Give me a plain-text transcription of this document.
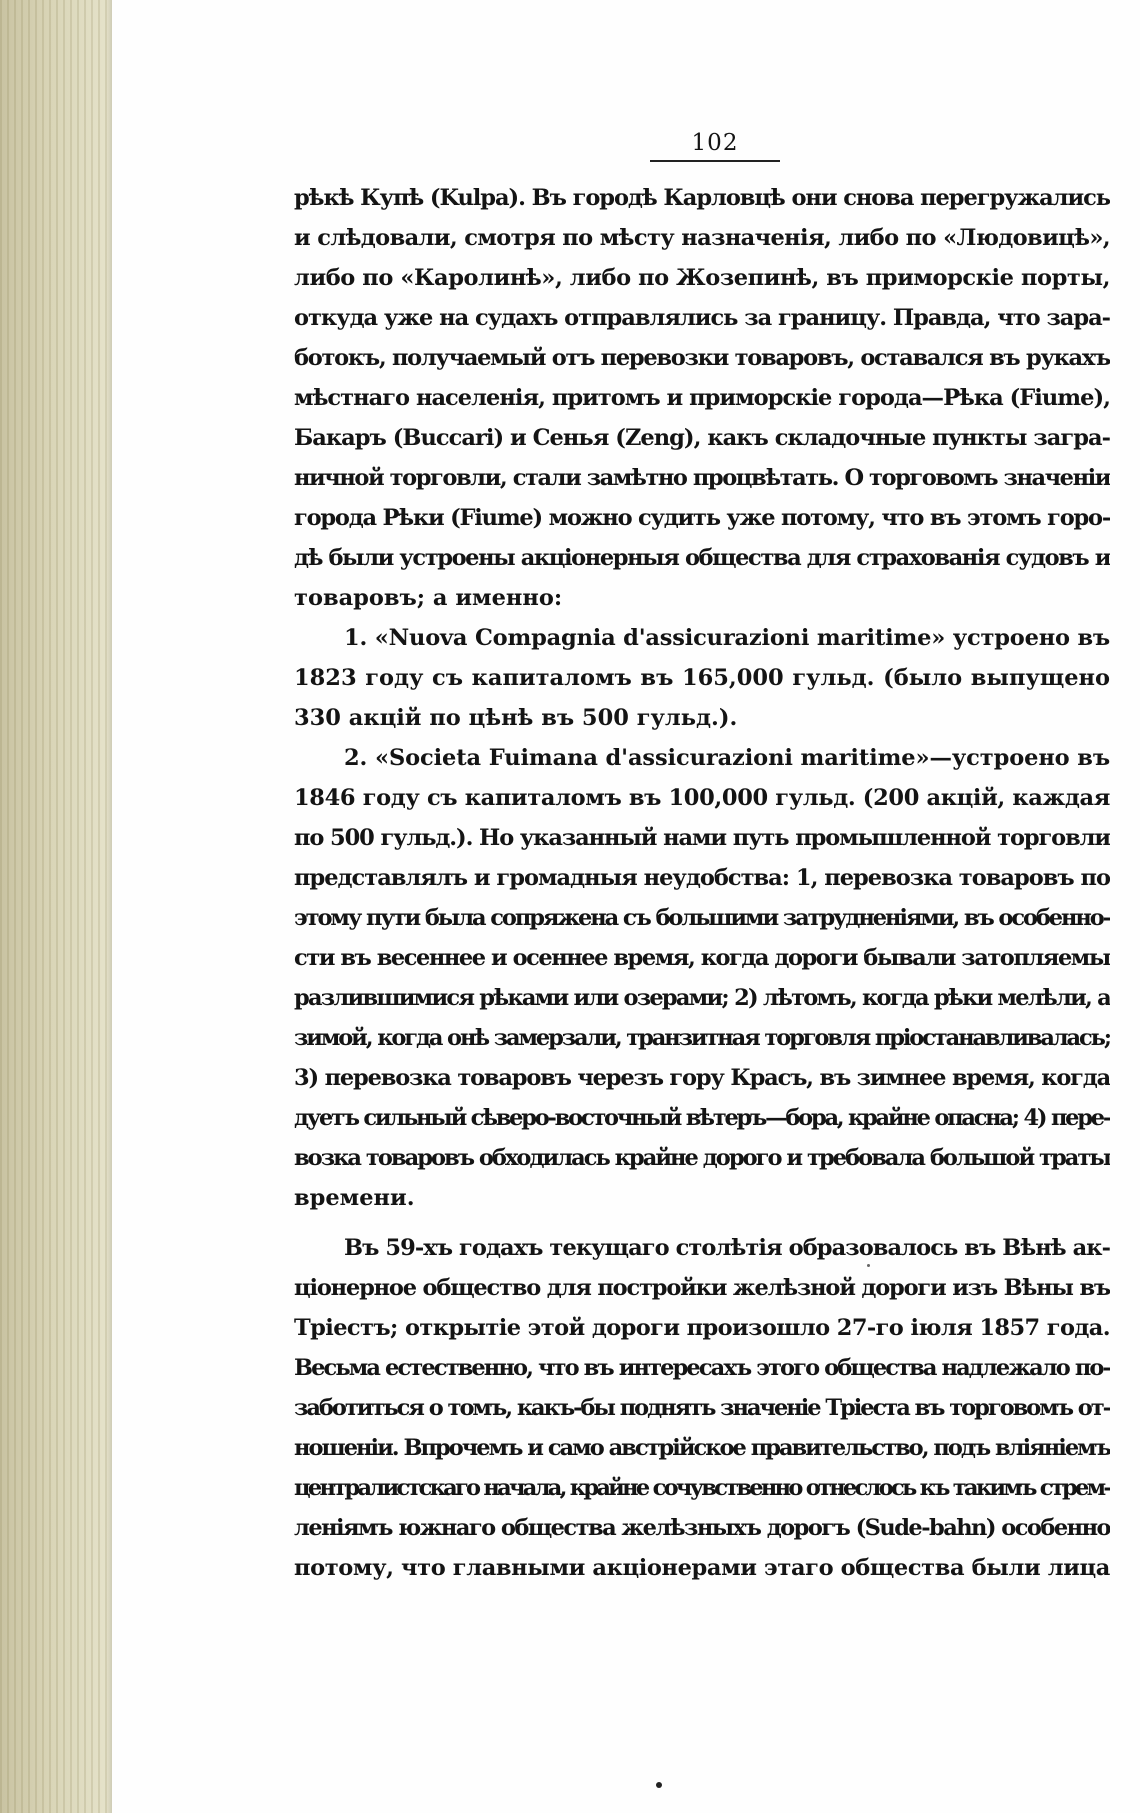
102
рѣкѣ Купѣ (Kulpa). Въ городѣ Карловцѣ они снова перегружались
и слѣдовали, смотря по мѣсту назначенія, либо по «Людовицѣ»,
либо по «Каролинѣ», либо по Жозепинѣ, въ приморскіе порты,
откуда уже на судахъ отправлялись за границу. Правда, что зара-
ботокъ, получаемый отъ перевозки товаровъ, оставался въ рукахъ
мѣстнаго населенія, притомъ и приморскіе города—Рѣка (Fiume),
Бакаръ (Buccari) и Сенья (Zeng), какъ складочные пункты загра-
ничной торговли, стали замѣтно процвѣтать. О торговомъ значеніи
города Рѣки (Fiume) можно судить уже потому, что въ этомъ горо-
дѣ были устроены акціонерныя общества для страхованія судовъ и
товаровъ; а именно:
1. «Nuova Compagnia d'assicurazioni maritime» устроено въ
1823 году съ капиталомъ въ 165,000 гульд. (было выпущено
330 акцій по цѣнѣ въ 500 гульд.).
2. «Societa Fuimana d'assicurazioni maritime»—устроено въ
1846 году съ капиталомъ въ 100,000 гульд. (200 акцій, каждая
по 500 гульд.). Но указанный нами путь промышленной торговли
представлялъ и громадныя неудобства: 1, перевозка товаровъ по
этому пути была сопряжена съ большими затрудненіями, въ особенно-
сти въ весеннее и осеннее время, когда дороги бывали затопляемы
разлившимися рѣками или озерами; 2) лѣтомъ, когда рѣки мелѣли, а
зимой, когда онѣ замерзали, транзитная торговля пріостанавливалась;
3) перевозка товаровъ черезъ гору Красъ, въ зимнее время, когда
дуетъ сильный сѣверо-восточный вѣтеръ—бора, крайне опасна; 4) пере-
возка товаровъ обходилась крайне дорого и требовала большой траты
времени.
Въ 59-хъ годахъ текущаго столѣтія образовалось въ Вѣнѣ ак-
ціонерное общество для постройки желѣзной дороги изъ Вѣны въ
Тріестъ; открытіе этой дороги произошло 27-го іюля 1857 года.
Весьма естественно, что въ интересахъ этого общества надлежало по-
заботиться о томъ, какъ-бы поднять значеніе Тріеста въ торговомъ от-
ношеніи. Впрочемъ и само австрійское правительство, подъ вліяніемъ
централистскаго начала, крайне сочувственно отнеслось къ такимъ стрем-
леніямъ южнаго общества желѣзныхъ дорогъ (Sude-bahn) особенно
потому, что главными акціонерами этаго общества были лица
